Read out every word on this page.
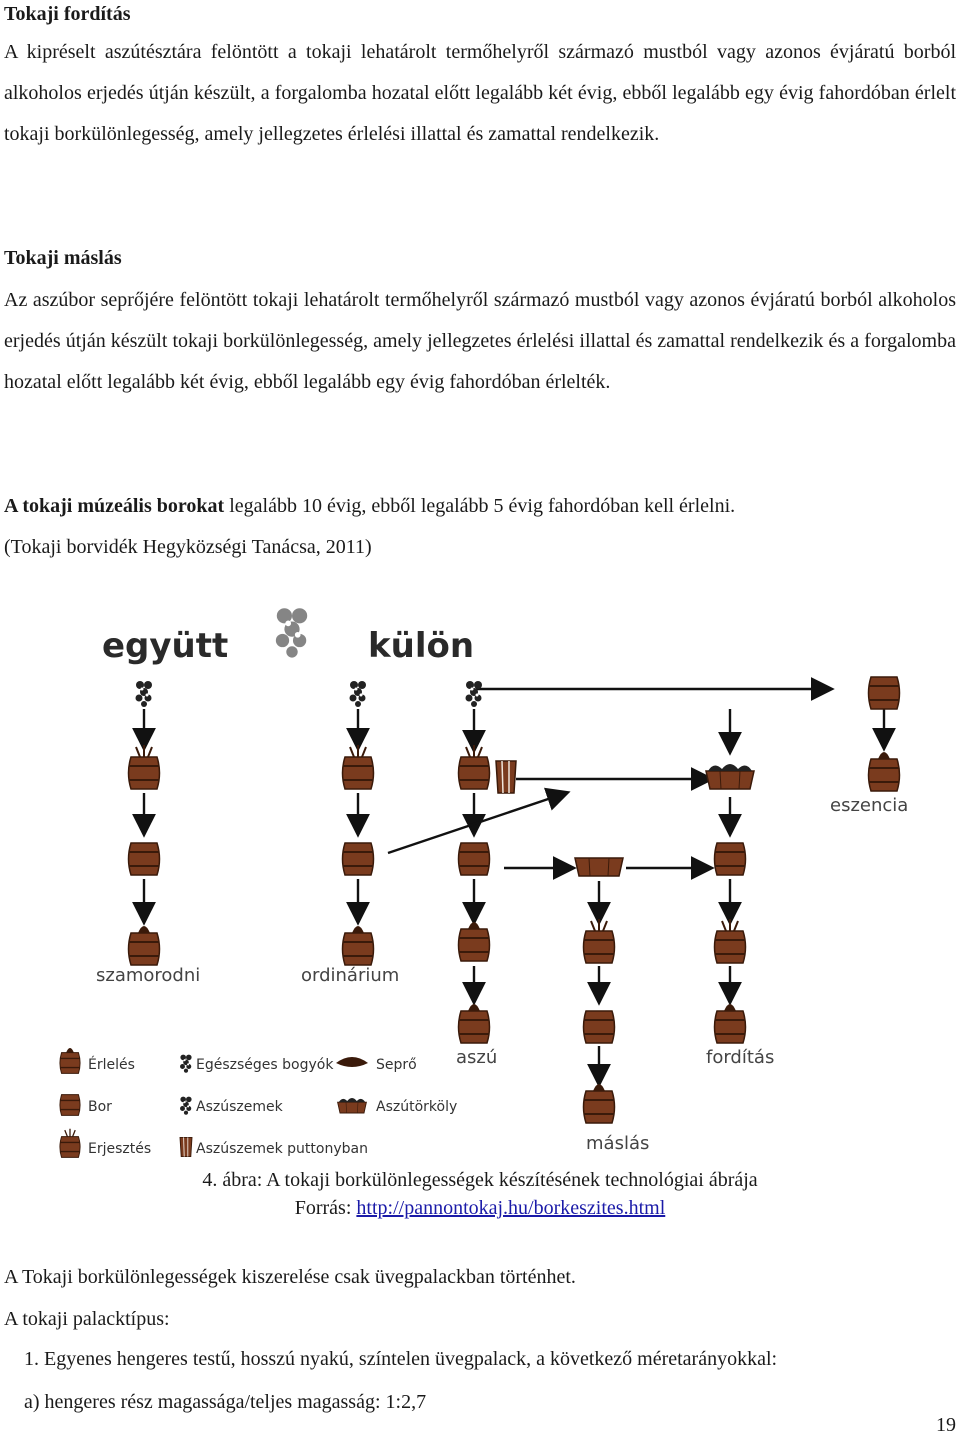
Tokaji fordítás

A kipréselt aszútésztára felöntött a tokaji lehatárolt termőhelyről származó mustból vagy azonos évjáratú borból alkoholos erjedés útján készült, a forgalomba hozatal előtt legalább két évig, ebből legalább egy évig fahordóban érlelt tokaji borkülönlegesség, amely jellegzetes érlelési illattal és zamattal rendelkezik.

Tokaji máslás

Az aszúbor seprőjére felöntött tokaji lehatárolt termőhelyről származó mustból vagy azonos évjáratú borból alkoholos erjedés útján készült tokaji borkülönlegesség, amely jellegzetes érlelési illattal és zamattal rendelkezik és a forgalomba hozatal előtt legalább két évig, ebből legalább egy évig fahordóban érlelték.

A tokaji múzeális borokat legalább 10 évig, ebből legalább 5 évig fahordóban kell érlelni.

(Tokaji borvidék Hegyközségi Tanácsa, 2011)

együtt	külön
szamorodni	ordinárium
aszú
máslás
fordítás
eszencia
Érlelés
Bor
Erjesztés
Egészséges bogyók
Aszúszemek
Aszúszemek puttonyban
Seprő
Aszútörköly
4. ábra: A tokaji borkülönlegességek készítésének technológiai ábrája
Forrás: http://pannontokaj.hu/borkeszites.html

A Tokaji borkülönlegességek kiszerelése csak üvegpalackban történhet.

A tokaji palacktípus:

1. Egyenes hengeres testű, hosszú nyakú, színtelen üvegpalack, a következő méretarányokkal:

a) hengeres rész magassága/teljes magasság: 1:2,7

19
